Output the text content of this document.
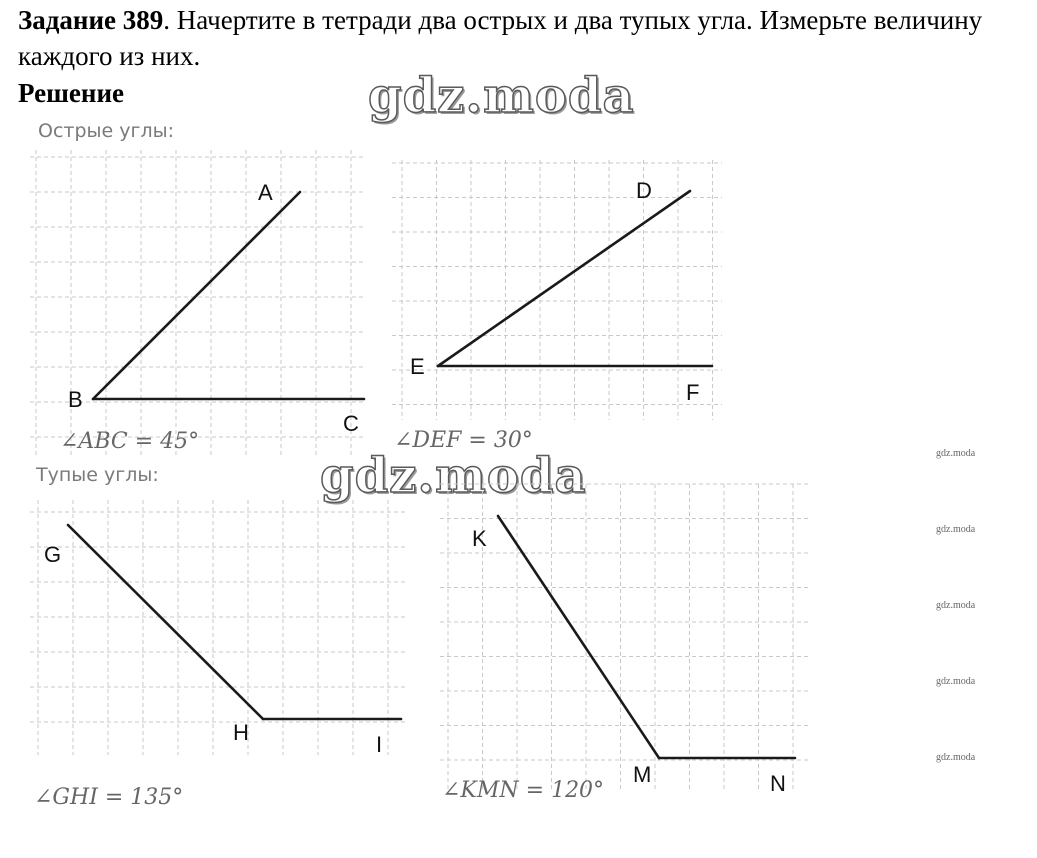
Задание 389. Начертите в тетради два острых и два тупых угла. Измерьте величину каждого из них.

Решение	gdz.moda
gdz.moda

Острые углы:

Тупые углы:

A
B
C
∠ABC = 45°
D
E
F
∠DEF = 30°
G
H	I
∠GHI = 135°
K
M	N
∠KMN = 120°
gdz.moda
gdz.moda
gdz.moda
gdz.moda
gdz.moda
